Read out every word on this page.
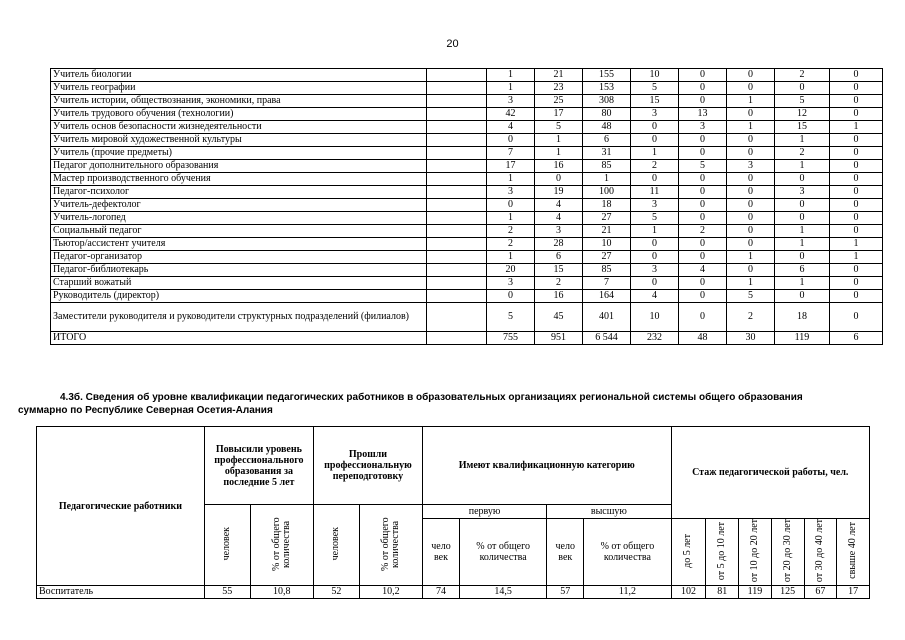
20
Учитель биологии		1	21	155	10	0	0	2	0
Учитель географии		1	23	153	5	0	0	0	0
Учитель истории, обществознания, экономики, права		3	25	308	15	0	1	5	0
Учитель трудового обучения (технологии)		42	17	80	3	13	0	12	0
Учитель основ безопасности жизнедеятельности		4	5	48	0	3	1	15	1
Учитель мировой художественной культуры		0	1	6	0	0	0	1	0
Учитель (прочие предметы)		7	1	31	1	0	0	2	0
Педагог дополнительного образования		17	16	85	2	5	3	1	0
Мастер производственного обучения		1	0	1	0	0	0	0	0
Педагог-психолог		3	19	100	11	0	0	3	0
Учитель-дефектолог		0	4	18	3	0	0	0	0
Учитель-логопед		1	4	27	5	0	0	0	0
Социальный педагог		2	3	21	1	2	0	1	0
Тьютор/ассистент учителя		2	28	10	0	0	0	1	1
Педагог-организатор		1	6	27	0	0	1	0	1
Педагог-библиотекарь		20	15	85	3	4	0	6	0
Старший вожатый		3	2	7	0	0	1	1	0
Руководитель (директор)		0	16	164	4	0	5	0	0
Заместители руководителя и руководители структурных подразделений (филиалов)		5	45	401	10	0	2	18	0
ИТОГО		755	951	6 544	232	48	30	119	6
4.3б. Сведения об уровне квалификации педагогических работников в образовательных организациях региональной системы общего образования
суммарно по Республике Северная Осетия-Алания
Педагогические работники	Повысили уровень профессионального образования за последние 5 лет		Прошли профессиональную переподготовку		Имеют квалификационную категорию				Стаж педагогической работы, чел.					
	человек	% от общего количества	человек	% от общего количества	первую		высшую							
					чело век	% от общего количества	чело век	% от общего количества	до 5 лет	от 5 до 10 лет	от 10 до 20 лет	от 20 до 30 лет	от 30 до 40 лет	свыше 40 лет
Воспитатель	55	10,8	52	10,2	74	14,5	57	11,2	102	81	119	125	67	17
